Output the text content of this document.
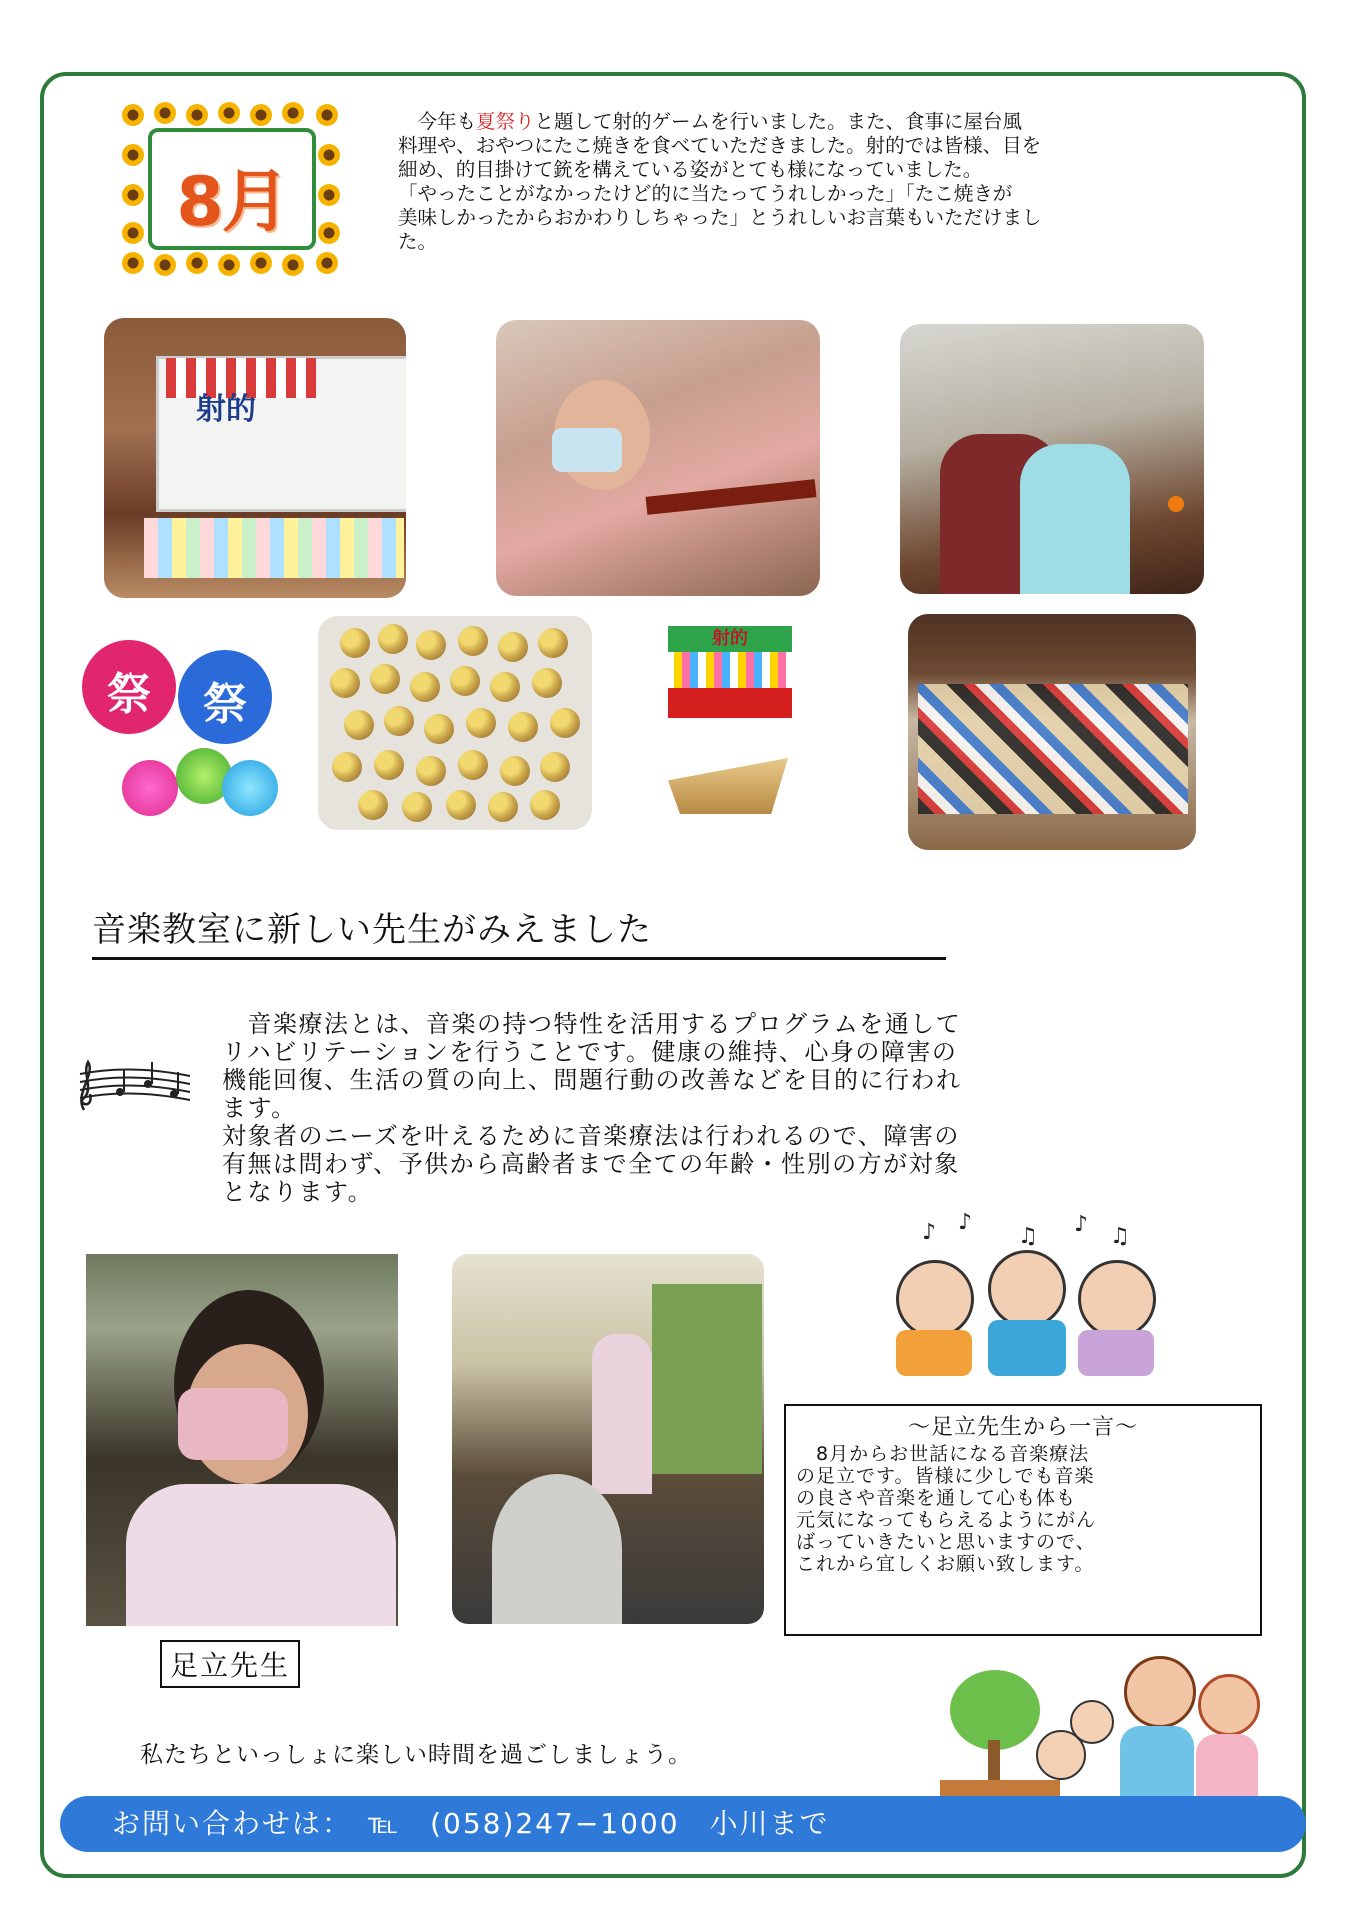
8月

　今年も夏祭りと題して射的ゲームを行いました。また、食事に屋台風
料理や、おやつにたこ焼きを食べていただきました。射的では皆様、目を
細め、的目掛けて銃を構えている姿がとても様になっていました。
「やったことがなかったけど的に当たってうれしかった」「たこ焼きが
美味しかったからおかわりしちゃった」とうれしいお言葉もいただけまし
た。

射的
祭	祭
射的
音楽教室に新しい先生がみえました

　音楽療法とは、音楽の持つ特性を活用するプログラムを通して
リハビリテーションを行うことです。健康の維持、心身の障害の
機能回復、生活の質の向上、問題行動の改善などを目的に行われ
ます。
対象者のニーズを叶えるために音楽療法は行われるので、障害の
有無は問わず、予供から高齢者まで全ての年齢・性別の方が対象
となります。

足立先生
♪ ♪
♫ ♪ ♫

～足立先生から一言～

　8月からお世話になる音楽療法
の足立です。皆様に少しでも音楽
の良さや音楽を通して心も体も
元気になってもらえるようにがん
ばっていきたいと思いますので、
これから宜しくお願い致します。

私たちといっしょに楽しい時間を過ごしましょう。
お問い合わせは：　℡　(058)247−1000　小川まで
